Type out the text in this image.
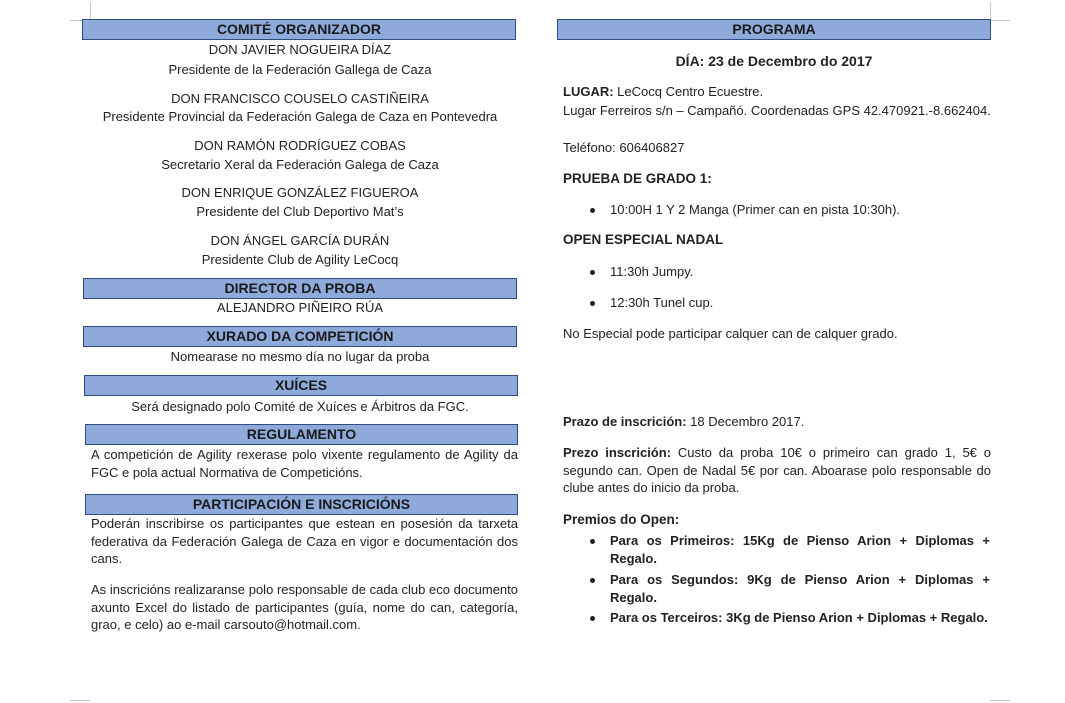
COMITÉ ORGANIZADOR
DON JAVIER NOGUEIRA DÍAZ
Presidente de la Federación Gallega de Caza
DON FRANCISCO COUSELO CASTIÑEIRA
Presidente Provincial da Federación Galega de Caza en Pontevedra
DON RAMÓN RODRÍGUEZ COBAS
Secretario Xeral da Federación Galega de Caza
DON ENRIQUE GONZÁLEZ FIGUEROA
Presidente del Club Deportivo Mat’s
DON ÁNGEL GARCÍA DURÁN
Presidente Club de Agility LeCocq
DIRECTOR DA PROBA
ALEJANDRO PIÑEIRO RÚA
XURADO DA COMPETICIÓN
Nomearase no mesmo día no lugar da proba
XUÍCES
Será designado polo Comité de Xuíces e Árbitros da FGC.
REGULAMENTO
A competición de Agility rexerase polo vixente regulamento de Agility da FGC e pola actual Normativa de Competicións.
PARTICIPACIÓN E INSCRICIÓNS
Poderán inscribirse os participantes que estean en posesión da tarxeta federativa da Federación Galega de Caza en vigor e documentación dos cans.
As inscricións realizaranse polo responsable de cada club eco documento axunto Excel do listado de participantes (guía, nome do can, categoría, grao, e celo) ao e-mail carsouto@hotmail.com.
PROGRAMA
DÍA: 23 de Decembro do 2017
LUGAR: LeCocq Centro Ecuestre.
Lugar Ferreiros s/n – Campañó. Coordenadas GPS 42.470921.-8.662404.
Teléfono: 606406827
PRUEBA DE GRADO 1:
10:00H 1 Y 2 Manga (Primer can en pista 10:30h).
OPEN ESPECIAL NADAL
11:30h Jumpy.
12:30h Tunel cup.
No Especial pode participar calquer can de calquer grado.
Prazo de inscrición: 18 Decembro 2017.
Prezo inscrición: Custo da proba 10€ o primeiro can grado 1, 5€ o segundo can. Open de Nadal 5€ por can. Aboarase polo responsable do clube antes do inicio da proba.
Premios do Open:
Para os Primeiros: 15Kg de Pienso Arion + Diplomas + Regalo.
Para os Segundos: 9Kg de Pienso Arion + Diplomas + Regalo.
Para os Terceiros: 3Kg de Pienso Arion + Diplomas + Regalo.
